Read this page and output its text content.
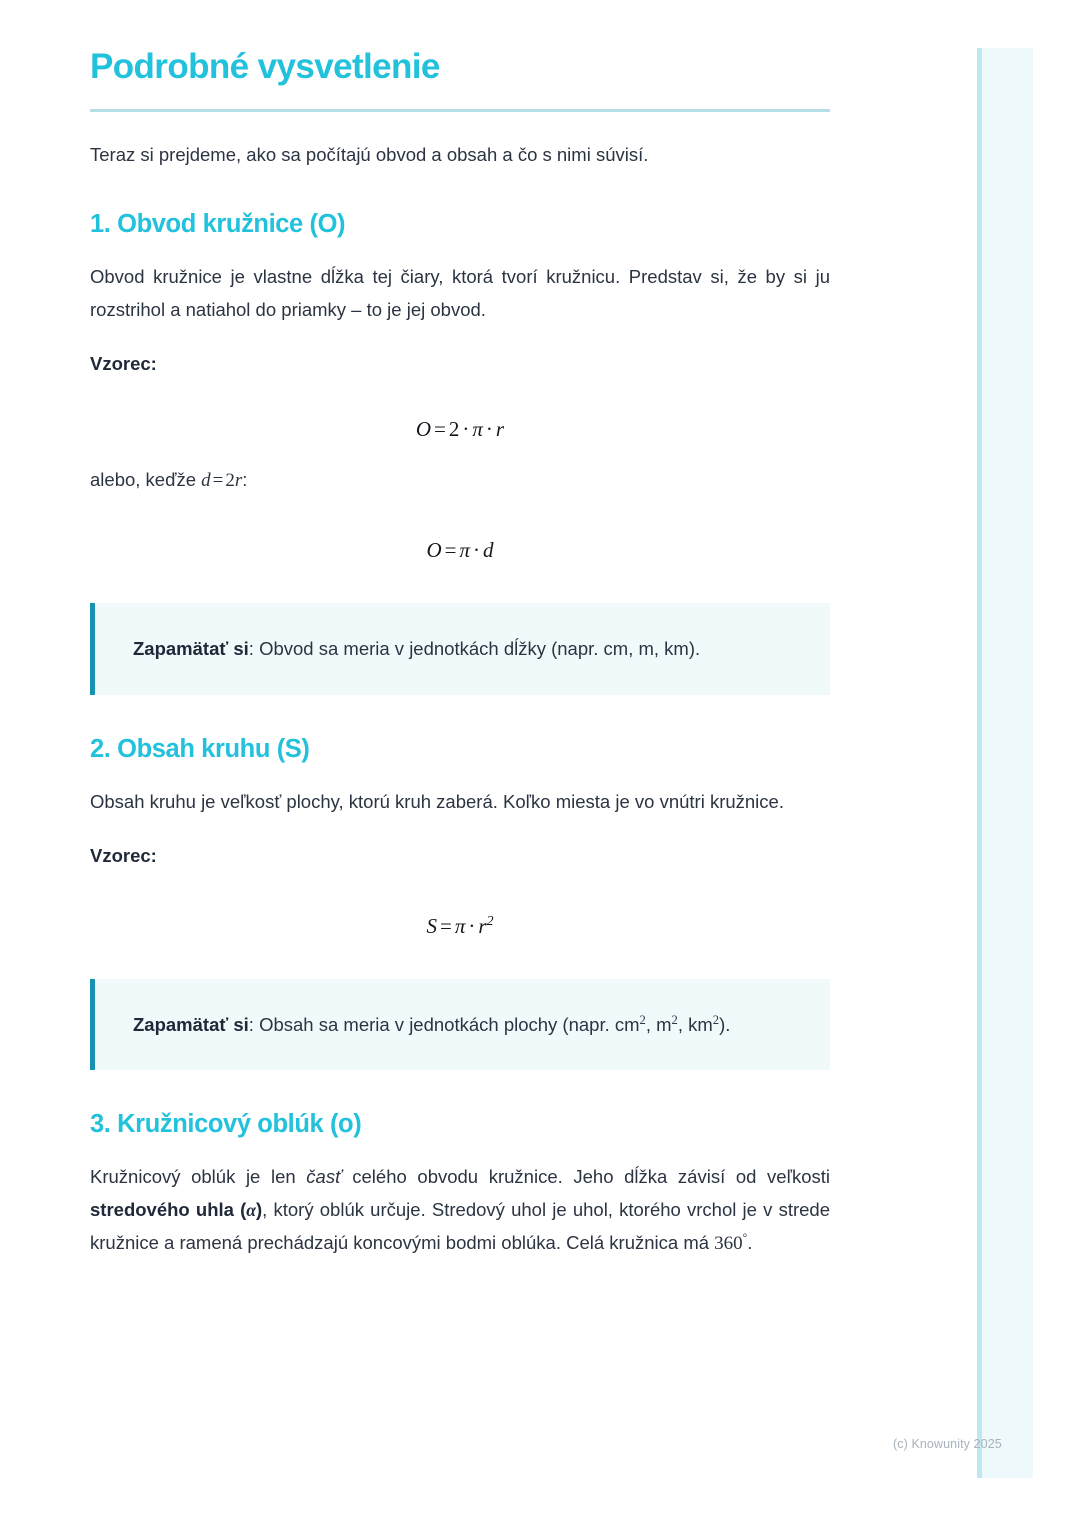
Podrobné vysvetlenie

Teraz si prejdeme, ako sa počítajú obvod a obsah a čo s nimi súvisí.

1. Obvod kružnice (O)

Obvod kružnice je vlastne dĺžka tej čiary, ktorá tvorí kružnicu. Predstav si, že by si ju rozstrihol a natiahol do priamky – to je jej obvod.

Vzorec:

O = 2 · π · r

alebo, keďže d = 2r:

O = π · d

Zapamätať si: Obvod sa meria v jednotkách dĺžky (napr. cm, m, km).

2. Obsah kruhu (S)

Obsah kruhu je veľkosť plochy, ktorú kruh zaberá. Koľko miesta je vo vnútri kružnice.

Vzorec:

$S = \pi \cdot r^2$

Zapamätať si: Obsah sa meria v jednotkách plochy (napr. $cm^2$, $m^2$, $km^2$).

3. Kružnicový oblúk (o)

Kružnicový oblúk je len časť celého obvodu kružnice. Jeho dĺžka závisí od veľkosti stredového uhla (α), ktorý oblúk určuje. Stredový uhol je uhol, ktorého vrchol je v strede kružnice a ramená prechádzajú koncovými bodmi oblúka. Celá kružnica má 360°.

(c) Knowunity 2025
